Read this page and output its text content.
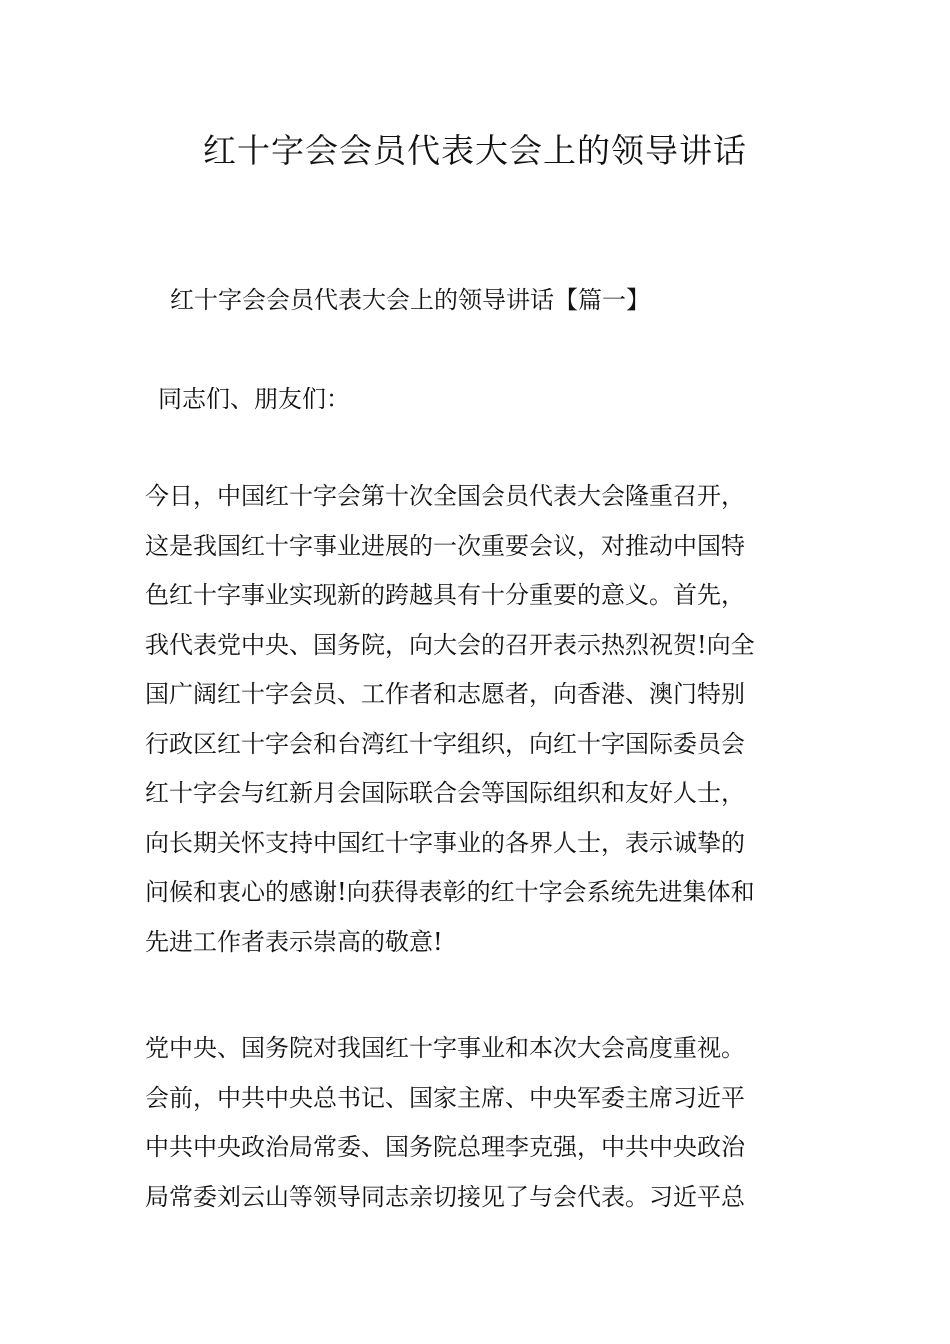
红十字会会员代表大会上的领导讲话
红十字会会员代表大会上的领导讲话【篇一】
同志们、朋友们：
今日，中国红十字会第十次全国会员代表大会隆重召开，
这是我国红十字事业进展的一次重要会议，对推动中国特
色红十字事业实现新的跨越具有十分重要的意义。首先，
我代表党中央、国务院，向大会的召开表示热烈祝贺!向全
国广阔红十字会员、工作者和志愿者，向香港、澳门特别
行政区红十字会和台湾红十字组织，向红十字国际委员会
红十字会与红新月会国际联合会等国际组织和友好人士，
向长期关怀支持中国红十字事业的各界人士，表示诚挚的
问候和衷心的感谢!向获得表彰的红十字会系统先进集体和
先进工作者表示崇高的敬意!
党中央、国务院对我国红十字事业和本次大会高度重视。
会前，中共中央总书记、国家主席、中央军委主席习近平
中共中央政治局常委、国务院总理李克强，中共中央政治
局常委刘云山等领导同志亲切接见了与会代表。习近平总
